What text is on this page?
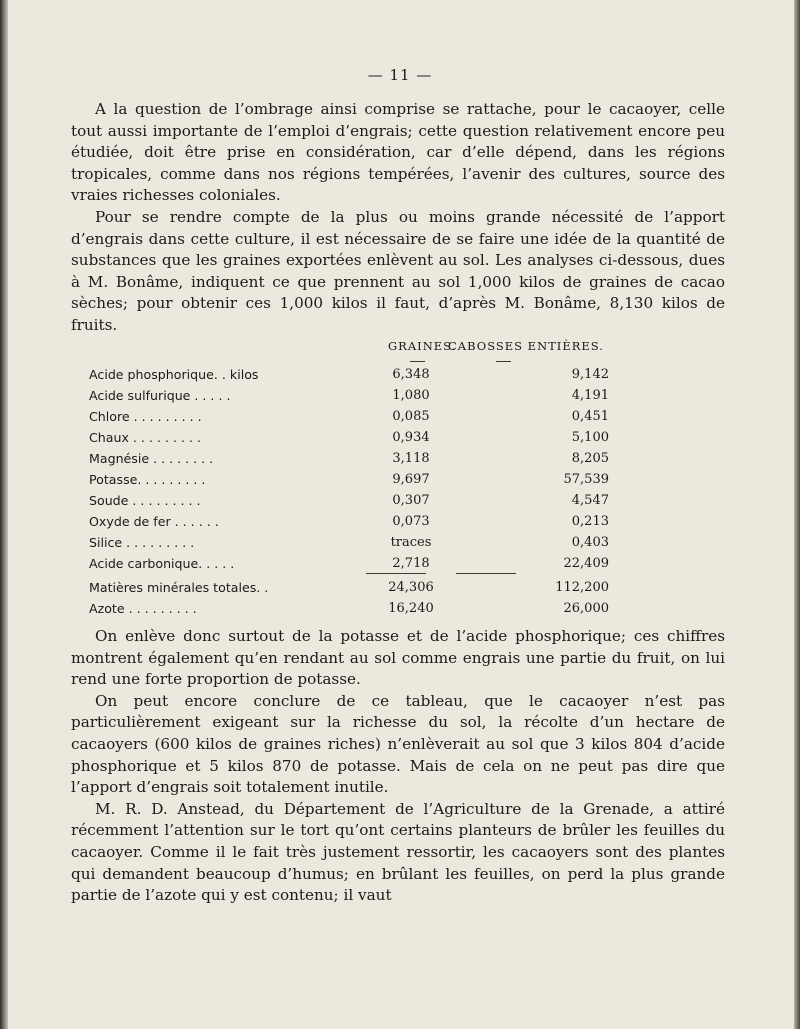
— 11 —

A la question de l’ombrage ainsi comprise se rattache, pour le cacaoyer, celle tout aussi importante de l’emploi d’engrais; cette question relativement encore peu étudiée, doit être prise en considération, car d’elle dépend, dans les régions tropicales, comme dans nos régions tempérées, l’avenir des cultures, source des vraies richesses coloniales.

Pour se rendre compte de la plus ou moins grande nécessité de l’apport d’engrais dans cette culture, il est nécessaire de se faire une idée de la quantité de substances que les graines exportées enlèvent au sol. Les analyses ci-dessous, dues à M. Bonâme, indiquent ce que prennent au sol 1,000 kilos de graines de cacao sèches; pour obtenir ces 1,000 kilos il faut, d’après M. Bonâme, 8,130 kilos de fruits.

GRAINES.
CABOSSES ENTIÈRES.
Acide phosphorique. . kilos	6,348	9,142
Acide sulfurique . . . . .	1,080	4,191
Chlore . . . . . . . . .	0,085	0,451
Chaux . . . . . . . . .	0,934	5,100
Magnésie . . . . . . . .	3,118	8,205
Potasse. . . . . . . . .	9,697	57,539
Soude . . . . . . . . .	0,307	4,547
Oxyde de fer . . . . . .	0,073	0,213
Silice . . . . . . . . .	traces	0,403
Acide carbonique. . . . .	2,718	22,409
Matières minérales totales. .	24,306	112,200
Azote . . . . . . . . .	16,240	26,000

On enlève donc surtout de la potasse et de l’acide phosphorique; ces chiffres montrent également qu’en rendant au sol comme engrais une partie du fruit, on lui rend une forte proportion de potasse.

On peut encore conclure de ce tableau, que le cacaoyer n’est pas particulièrement exigeant sur la richesse du sol, la récolte d’un hectare de cacaoyers (600 kilos de graines riches) n’enlèverait au sol que 3 kilos 804 d’acide phosphorique et 5 kilos 870 de potasse. Mais de cela on ne peut pas dire que l’apport d’engrais soit totalement inutile.

M. R. D. Anstead, du Département de l’Agriculture de la Grenade, a attiré récemment l’attention sur le tort qu’ont certains planteurs de brûler les feuilles du cacaoyer. Comme il le fait très justement ressortir, les cacaoyers sont des plantes qui demandent beaucoup d’humus; en brûlant les feuilles, on perd la plus grande partie de l’azote qui y est contenu; il vaut
